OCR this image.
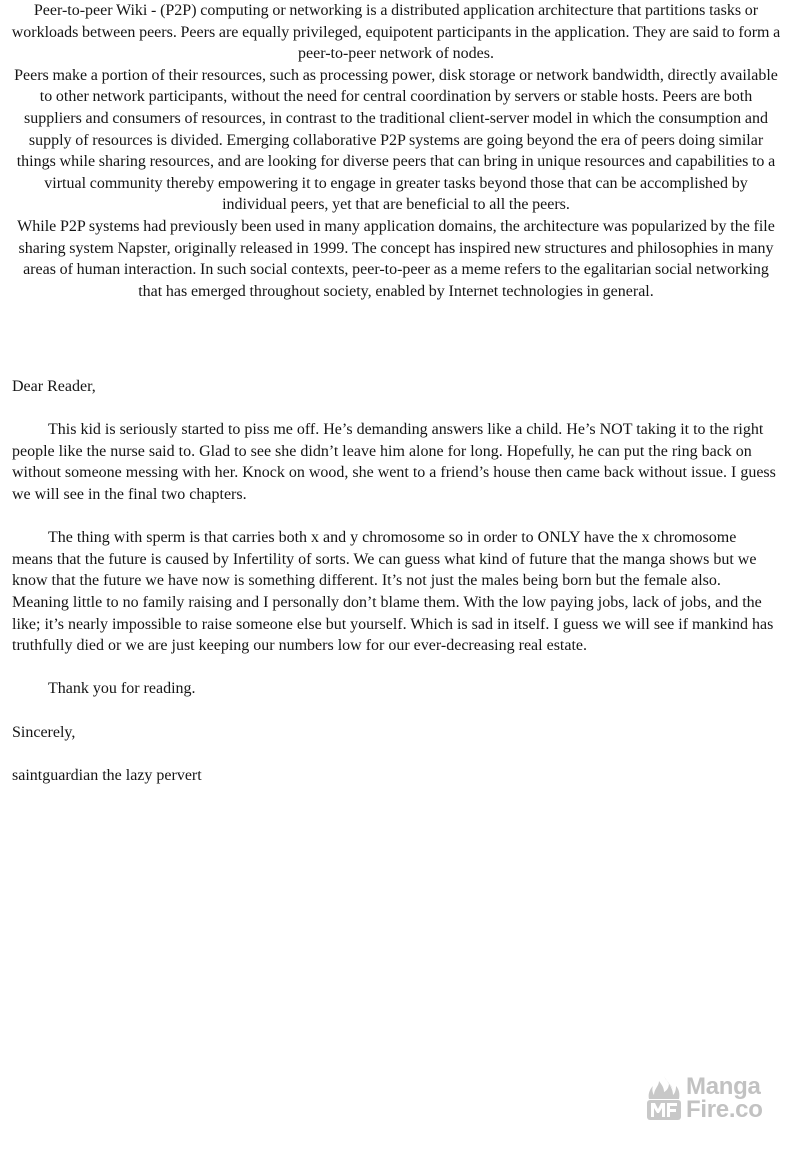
Peer-to-peer Wiki - (P2P) computing or networking is a distributed application architecture that partitions tasks or workloads between peers. Peers are equally privileged, equipotent participants in the application. They are said to form a peer-to-peer network of nodes.

Peers make a portion of their resources, such as processing power, disk storage or network bandwidth, directly available to other network participants, without the need for central coordination by servers or stable hosts. Peers are both suppliers and consumers of resources, in contrast to the traditional client-server model in which the consumption and supply of resources is divided. Emerging collaborative P2P systems are going beyond the era of peers doing similar things while sharing resources, and are looking for diverse peers that can bring in unique resources and capabilities to a virtual community thereby empowering it to engage in greater tasks beyond those that can be accomplished by individual peers, yet that are beneficial to all the peers.

While P2P systems had previously been used in many application domains, the architecture was popularized by the file sharing system Napster, originally released in 1999. The concept has inspired new structures and philosophies in many areas of human interaction. In such social contexts, peer-to-peer as a meme refers to the egalitarian social networking that has emerged throughout society, enabled by Internet technologies in general.

Dear Reader,

This kid is seriously started to piss me off. He’s demanding answers like a child. He’s NOT taking it to the right people like the nurse said to. Glad to see she didn’t leave him alone for long. Hopefully, he can put the ring back on without someone messing with her. Knock on wood, she went to a friend’s house then came back without issue. I guess we will see in the final two chapters.

The thing with sperm is that carries both x and y chromosome so in order to ONLY have the x chromosome means that the future is caused by Infertility of sorts. We can guess what kind of future that the manga shows but we know that the future we have now is something different. It’s not just the males being born but the female also. Meaning little to no family raising and I personally don’t blame them. With the low paying jobs, lack of jobs, and the like; it’s nearly impossible to raise someone else but yourself. Which is sad in itself. I guess we will see if mankind has truthfully died or we are just keeping our numbers low for our ever-decreasing real estate.

Thank you for reading.

Sincerely,

saintguardian the lazy pervert

Manga
Fire.co
